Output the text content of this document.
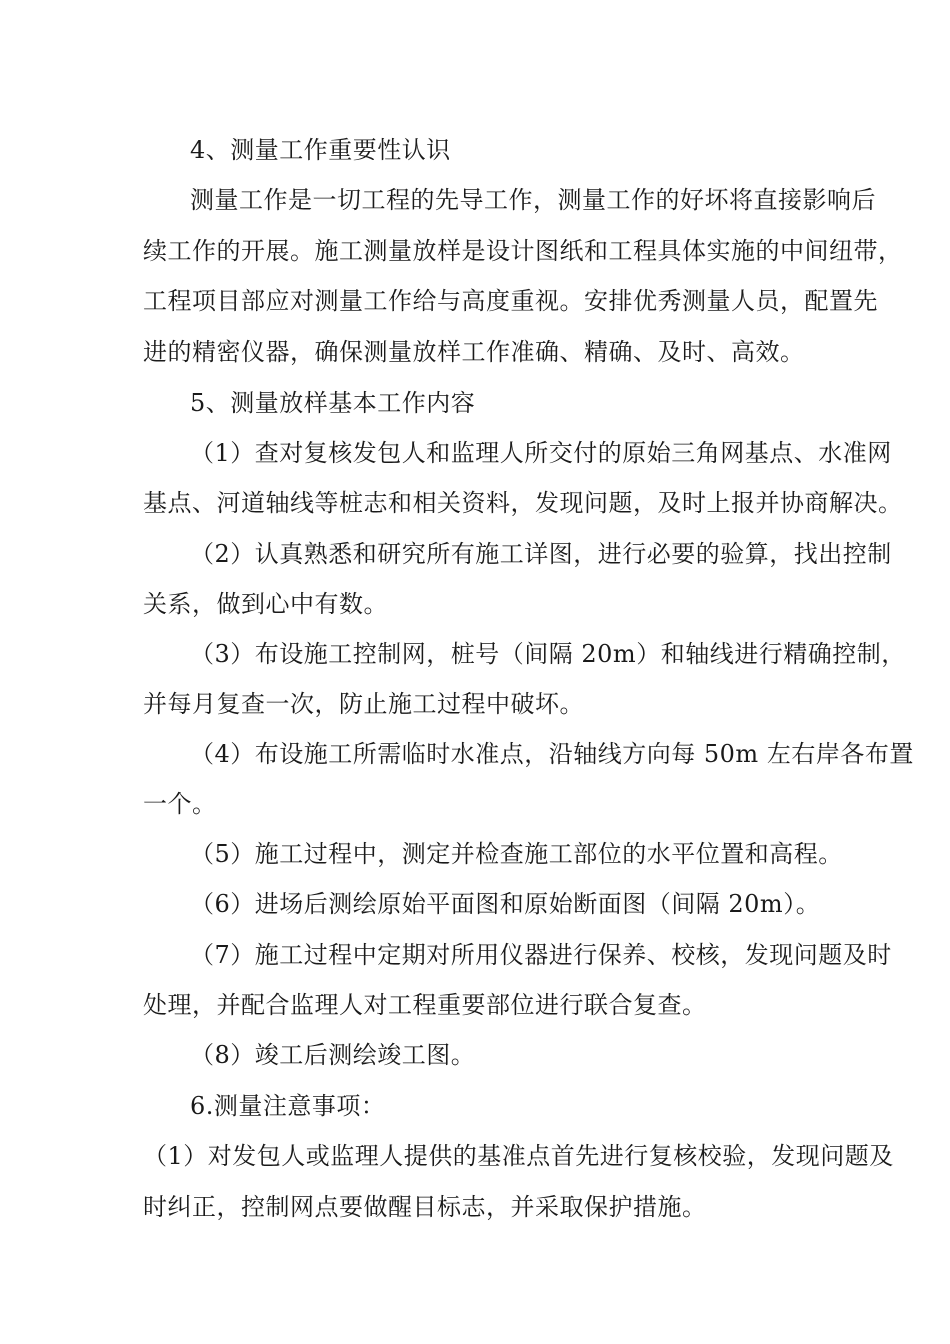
4、测量工作重要性认识
测量工作是一切工程的先导工作，测量工作的好坏将直接影响后
续工作的开展。施工测量放样是设计图纸和工程具体实施的中间纽带，
工程项目部应对测量工作给与高度重视。安排优秀测量人员，配置先
进的精密仪器，确保测量放样工作准确、精确、及时、高效。
5、测量放样基本工作内容
（1）查对复核发包人和监理人所交付的原始三角网基点、水准网
基点、河道轴线等桩志和相关资料，发现问题，及时上报并协商解决。
（2）认真熟悉和研究所有施工详图，进行必要的验算，找出控制
关系，做到心中有数。
（3）布设施工控制网，桩号（间隔 20m）和轴线进行精确控制，
并每月复查一次，防止施工过程中破坏。
（4）布设施工所需临时水准点，沿轴线方向每 50m 左右岸各布置
一个。
（5）施工过程中，测定并检查施工部位的水平位置和高程。
（6）进场后测绘原始平面图和原始断面图（间隔 20m）。
（7）施工过程中定期对所用仪器进行保养、校核，发现问题及时
处理，并配合监理人对工程重要部位进行联合复查。
（8）竣工后测绘竣工图。
6.测量注意事项：
（1）对发包人或监理人提供的基准点首先进行复核校验，发现问题及
时纠正，控制网点要做醒目标志，并采取保护措施。
